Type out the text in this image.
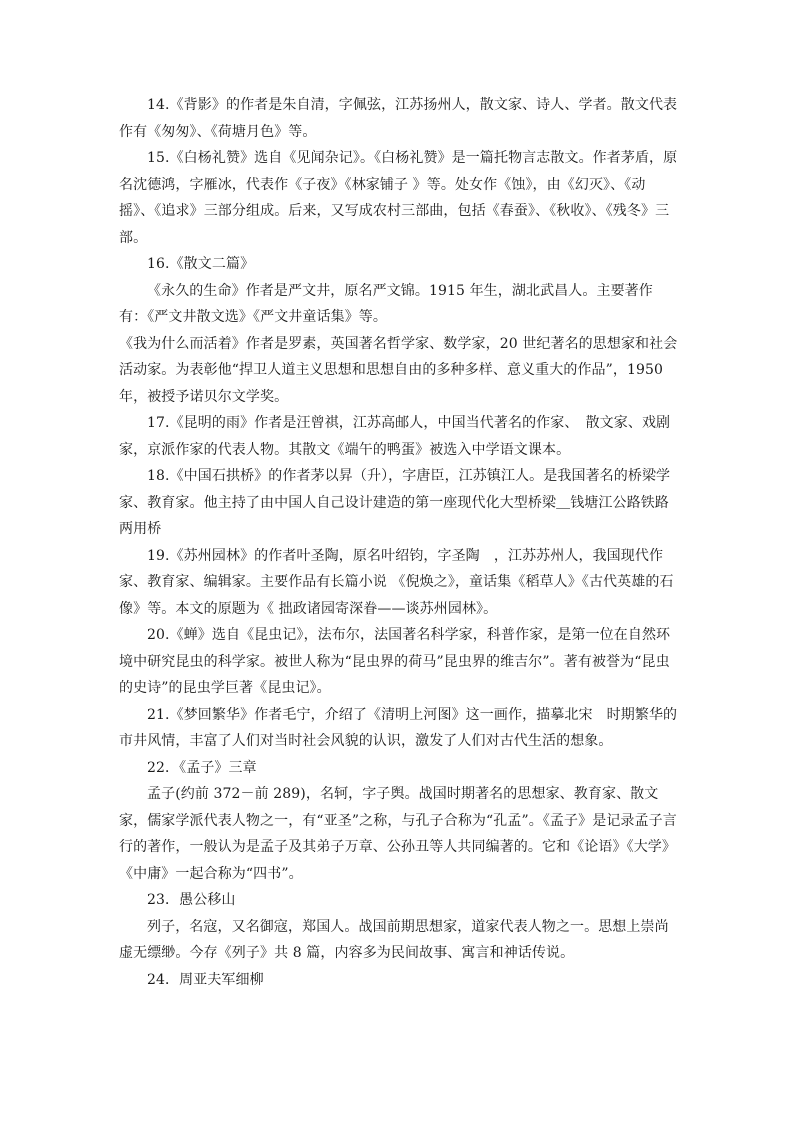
14.《背影》的作者是朱自清，字佩弦，江苏扬州人，散文家、诗人、学者。散文代表作有《匆匆》、《荷塘月色》等。

15.《白杨礼赞》选自《见闻杂记》。《白杨礼赞》是一篇托物言志散文。作者茅盾，原名沈德鸿，字雁冰，代表作《子夜》《林家铺子 》等。处女作《蚀》，由《幻灭》、《动摇》、《追求》三部分组成。后来，又写成农村三部曲，包括《春蚕》、《秋收》、《残冬》三部。

16.《散文二篇》

《永久的生命》作者是严文井，原名严文锦。1915 年生，湖北武昌人。主要著作有：《严文井散文选》《严文井童话集》等。

《我为什么而活着》作者是罗素，英国著名哲学家、数学家，20 世纪著名的思想家和社会活动家。为表彰他“捍卫人道主义思想和思想自由的多种多样、意义重大的作品”，1950 年，被授予诺贝尔文学奖。

17.《昆明的雨》作者是汪曾祺，江苏高邮人，中国当代著名的作家、　散文家、戏剧家，京派作家的代表人物。其散文《端午的鸭蛋》被选入中学语文课本。

18.《中国石拱桥》的作者茅以昇（升），字唐臣，江苏镇江人。是我国著名的桥梁学家、教育家。他主持了由中国人自己设计建造的第一座现代化大型桥梁＿钱塘江公路铁路两用桥

19.《苏州园林》的作者叶圣陶，原名叶绍钧，字圣陶　，江苏苏州人，我国现代作家、教育家、编辑家。主要作品有长篇小说 《倪焕之》，童话集《稻草人》《古代英雄的石像》等。本文的原题为《 拙政诸园寄深眷——谈苏州园林》。

20.《蝉》选自《昆虫记》，法布尔，法国著名科学家，科普作家，是第一位在自然环境中研究昆虫的科学家。被世人称为“昆虫界的荷马”昆虫界的维吉尔”。著有被誉为“昆虫的史诗”的昆虫学巨著《昆虫记》。

21.《梦回繁华》作者毛宁，介绍了《清明上河图》这一画作，描摹北宋　时期繁华的市井风情，丰富了人们对当时社会风貌的认识，激发了人们对古代生活的想象。

22．《孟子》三章

孟子(约前 372－前 289)，名轲，字子舆。战国时期著名的思想家、教育家、散文家，儒家学派代表人物之一，有“亚圣”之称，与孔子合称为“孔孟”。《孟子》是记录孟子言行的著作，一般认为是孟子及其弟子万章、公孙丑等人共同编著的。它和《论语》《大学》《中庸》一起合称为“四书”。

23．愚公移山

列子，名寇，又名御寇，郑国人。战国前期思想家，道家代表人物之一。思想上崇尚虚无缥缈。今存《列子》共 8 篇，内容多为民间故事、寓言和神话传说。

24．周亚夫军细柳
